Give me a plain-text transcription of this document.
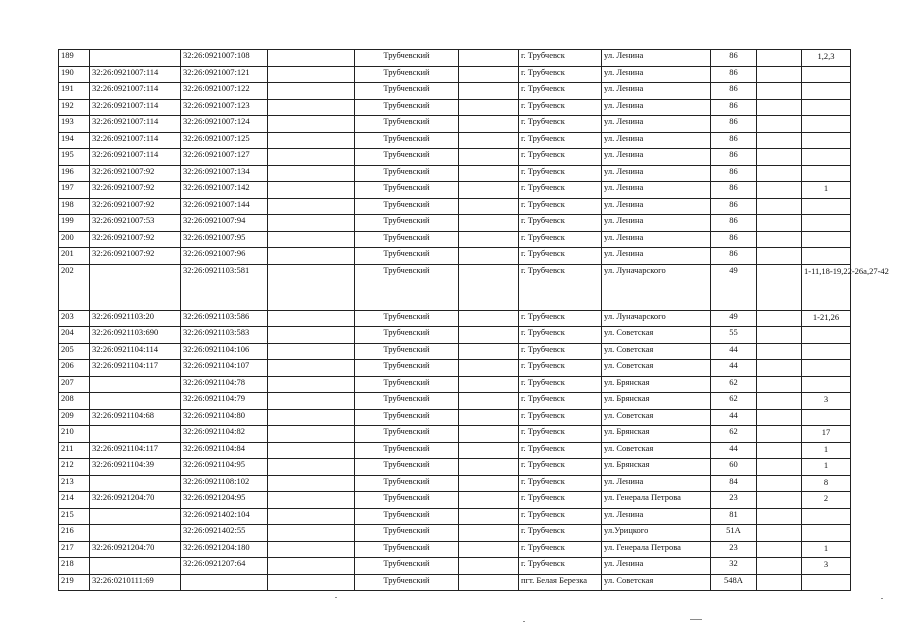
189		32:26:0921007:108		Трубчевский		г. Трубчевск	ул. Ленина	86		1,2,3
190	32:26:0921007:114	32:26:0921007:121		Трубчевский		г. Трубчевск	ул. Ленина	86		
191	32:26:0921007:114	32:26:0921007:122		Трубчевский		г. Трубчевск	ул. Ленина	86		
192	32:26:0921007:114	32:26:0921007:123		Трубчевский		г. Трубчевск	ул. Ленина	86		
193	32:26:0921007:114	32:26:0921007:124		Трубчевский		г. Трубчевск	ул. Ленина	86		
194	32:26:0921007:114	32:26:0921007:125		Трубчевский		г. Трубчевск	ул. Ленина	86		
195	32:26:0921007:114	32:26:0921007:127		Трубчевский		г. Трубчевск	ул. Ленина	86		
196	32:26:0921007:92	32:26:0921007:134		Трубчевский		г. Трубчевск	ул. Ленина	86		
197	32:26:0921007:92	32:26:0921007:142		Трубчевский		г. Трубчевск	ул. Ленина	86		1
198	32:26:0921007:92	32:26:0921007:144		Трубчевский		г. Трубчевск	ул. Ленина	86		
199	32:26:0921007:53	32:26:0921007:94		Трубчевский		г. Трубчевск	ул. Ленина	86		
200	32:26:0921007:92	32:26:0921007:95		Трубчевский		г. Трубчевск	ул. Ленина	86		
201	32:26:0921007:92	32:26:0921007:96		Трубчевский		г. Трубчевск	ул. Ленина	86		
202		32:26:0921103:581		Трубчевский		г. Трубчевск	ул. Луначарского	49		1-11,18-19,22-26а,27-42
203	32:26:0921103:20	32:26:0921103:586		Трубчевский		г. Трубчевск	ул. Луначарского	49		1-21,26
204	32:26:0921103:690	32:26:0921103:583		Трубчевский		г. Трубчевск	ул. Советская	55		
205	32:26:0921104:114	32:26:0921104:106		Трубчевский		г. Трубчевск	ул. Советская	44		
206	32:26:0921104:117	32:26:0921104:107		Трубчевский		г. Трубчевск	ул. Советская	44		
207		32:26:0921104:78		Трубчевский		г. Трубчевск	ул. Брянская	62		
208		32:26:0921104:79		Трубчевский		г. Трубчевск	ул. Брянская	62		3
209	32:26:0921104:68	32:26:0921104:80		Трубчевский		г. Трубчевск	ул. Советская	44		
210		32:26:0921104:82		Трубчевский		г. Трубчевск	ул. Брянская	62		17
211	32:26:0921104:117	32:26:0921104:84		Трубчевский		г. Трубчевск	ул. Советская	44		1
212	32:26:0921104:39	32:26:0921104:95		Трубчевский		г. Трубчевск	ул. Брянская	60		1
213		32:26:0921108:102		Трубчевский		г. Трубчевск	ул. Ленина	84		8
214	32:26:0921204:70	32:26:0921204:95		Трубчевский		г. Трубчевск	ул. Генерала Петрова	23		2
215		32:26:0921402:104		Трубчевский		г. Трубчевск	ул. Ленина	81		
216		32:26:0921402:55		Трубчевский		г. Трубчевск	ул.Урицкого	51А		
217	32:26:0921204:70	32:26:0921204:180		Трубчевский		г. Трубчевск	ул. Генерала Петрова	23		1
218		32:26:0921207:64		Трубчевский		г. Трубчевск	ул. Ленина	32		3
219	32:26:0210111:69			Трубчевский		пгт. Белая Березка	ул. Советская	548А		
